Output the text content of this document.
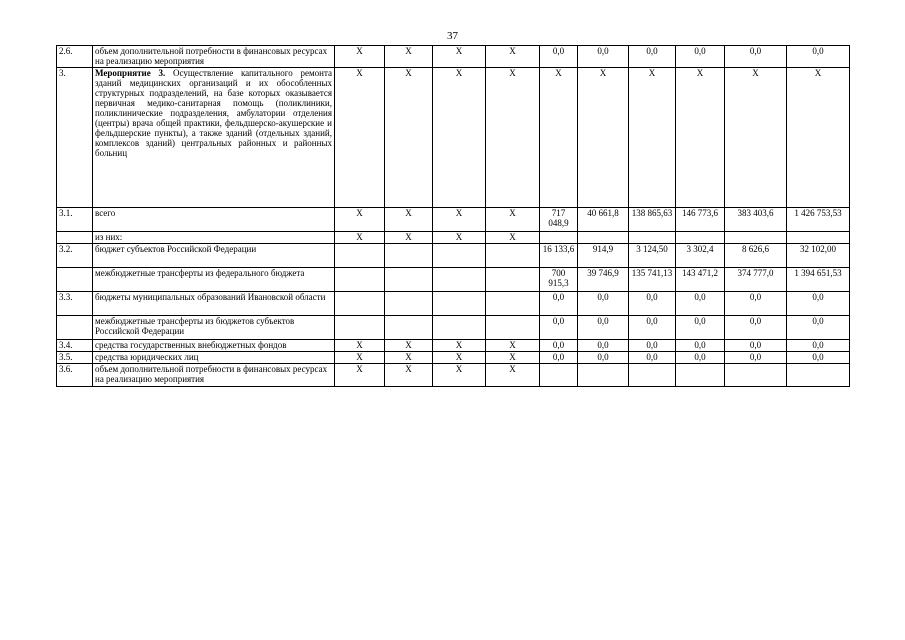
37
2.6.	объем дополнительной потребности в финансовых ресурсах на реализацию мероприятия	Х	Х	Х	Х	0,0	0,0	0,0	0,0	0,0	0,0
3.	Мероприятие 3. Осуществление капитального ремонта зданий медицинских организаций и их обособленных структурных подразделений, на базе которых оказывается первичная медико-санитарная помощь (поликлиники, поликлинические подразделения, амбулатории отделения (центры) врача общей практики, фельдшерско-акушерские и фельдшерские пункты), а также зданий (отдельных зданий, комплексов зданий) центральных районных и районных больниц	Х	Х	Х	Х	Х	Х	Х	Х	Х	Х
3.1.	всего	Х	Х	Х	Х	717 048,9	40 661,8	138 865,63	146 773,6	383 403,6	1 426 753,53
	из них:	Х	Х	Х	Х						
3.2.	бюджет субъектов Российской Федерации					16 133,6	914,9	3 124,50	3 302,4	8 626,6	32 102,00
	межбюджетные трансферты из федерального бюджета					700 915,3	39 746,9	135 741,13	143 471,2	374 777,0	1 394 651,53
3.3.	бюджеты муниципальных образований Ивановской области					0,0	0,0	0,0	0,0	0,0	0,0
	межбюджетные трансферты из бюджетов субъектов Российской Федерации					0,0	0,0	0,0	0,0	0,0	0,0
3.4.	средства государственных внебюджетных фондов	Х	Х	Х	Х	0,0	0,0	0,0	0,0	0,0	0,0
3.5.	средства юридических лиц	Х	Х	Х	Х	0,0	0,0	0,0	0,0	0,0	0,0
3.6.	объем дополнительной потребности в финансовых ресурсах на реализацию мероприятия	Х	Х	Х	Х						
